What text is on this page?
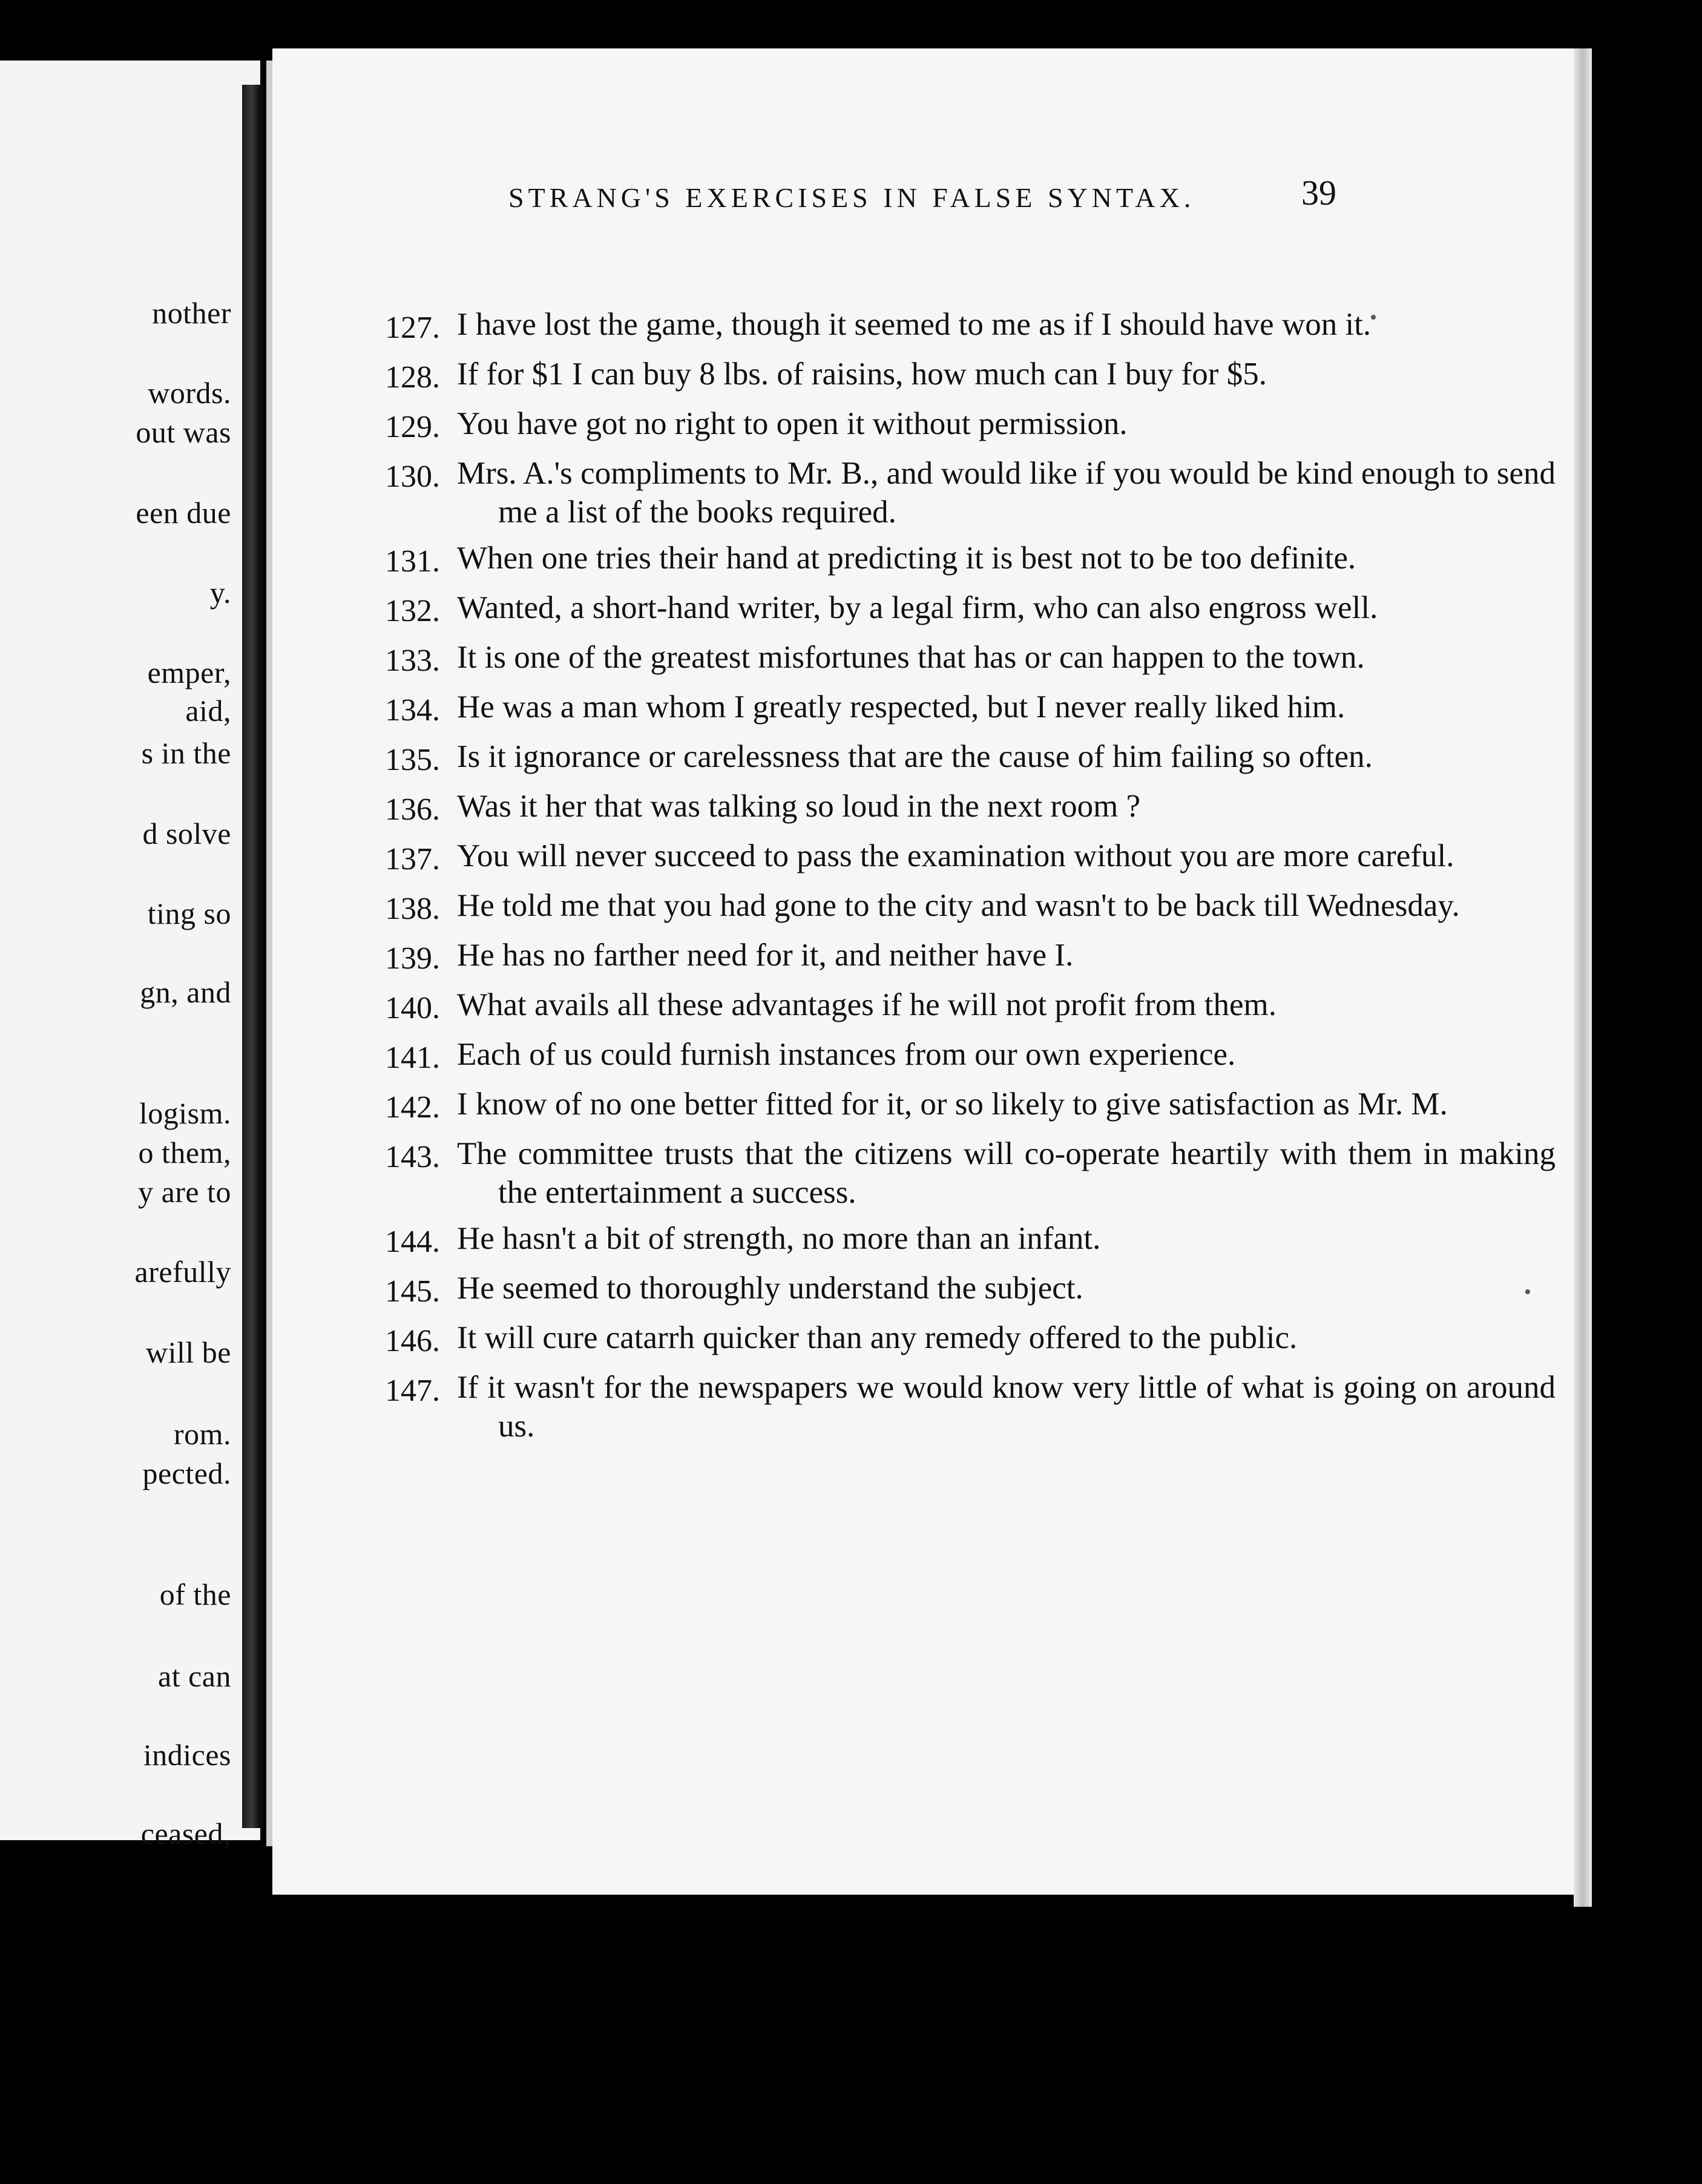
nother
words.
out was
een due
y.
emper,
aid,
s in the
d solve
ting so
gn, and
logism.
o them,
y are to
arefully
will be
rom.
pected.
of the
at can
indices
ceased,
STRANG'S EXERCISES IN FALSE SYNTAX.	39
127. I have lost the game, though it seemed to me as if I should have won it.
128. If for $1 I can buy 8 lbs. of raisins, how much can I buy for $5.
129. You have got no right to open it without permission.
130. Mrs. A.'s compliments to Mr. B., and would like if you would be kind enough to send me a list of the books required.
131. When one tries their hand at predicting it is best not to be too definite.
132. Wanted, a short-hand writer, by a legal firm, who can also engross well.
133. It is one of the greatest misfortunes that has or can happen to the town.
134. He was a man whom I greatly respected, but I never really liked him.
135. Is it ignorance or carelessness that are the cause of him failing so often.
136. Was it her that was talking so loud in the next room ?
137. You will never succeed to pass the examination without you are more careful.
138. He told me that you had gone to the city and wasn't to be back till Wednesday.
139. He has no farther need for it, and neither have I.
140. What avails all these advantages if he will not profit from them.
141. Each of us could furnish instances from our own experience.
142. I know of no one better fitted for it, or so likely to give satisfaction as Mr. M.
143. The committee trusts that the citizens will co-operate heartily with them in making the entertainment a success.
144. He hasn't a bit of strength, no more than an infant.
145. He seemed to thoroughly understand the subject.
146. It will cure catarrh quicker than any remedy offered to the public.
147. If it wasn't for the newspapers we would know very little of what is going on around us.
